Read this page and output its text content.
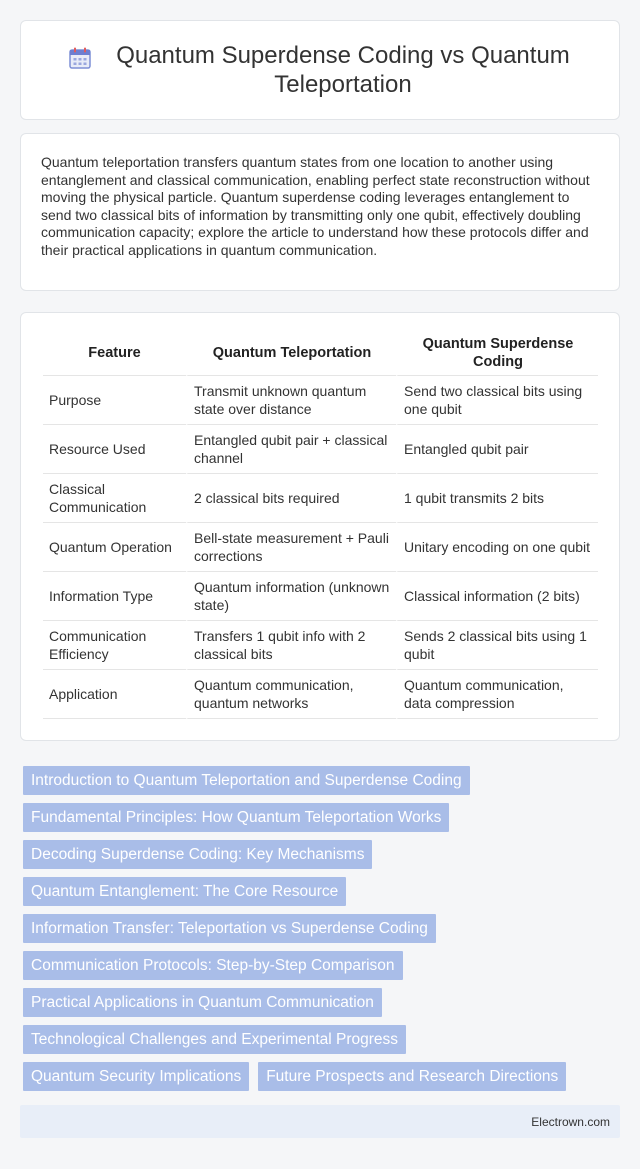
Quantum Superdense Coding vs Quantum Teleportation

Quantum teleportation transfers quantum states from one location to another using entanglement and classical communication, enabling perfect state reconstruction without moving the physical particle. Quantum superdense coding leverages entanglement to send two classical bits of information by transmitting only one qubit, effectively doubling communication capacity; explore the article to understand how these protocols differ and their practical applications in quantum communication.

Feature	Quantum Teleportation	Quantum Superdense Coding
Purpose	Transmit unknown quantum state over distance	Send two classical bits using one qubit
Resource Used	Entangled qubit pair + classical channel	Entangled qubit pair
Classical Communication	2 classical bits required	1 qubit transmits 2 bits
Quantum Operation	Bell-state measurement + Pauli corrections	Unitary encoding on one qubit
Information Type	Quantum information (unknown state)	Classical information (2 bits)
Communication Efficiency	Transfers 1 qubit info with 2 classical bits	Sends 2 classical bits using 1 qubit
Application	Quantum communication, quantum networks	Quantum communication, data compression
Introduction to Quantum Teleportation and Superdense Coding
Fundamental Principles: How Quantum Teleportation Works
Decoding Superdense Coding: Key Mechanisms
Quantum Entanglement: The Core Resource
Information Transfer: Teleportation vs Superdense Coding
Communication Protocols: Step-by-Step Comparison
Practical Applications in Quantum Communication
Technological Challenges and Experimental Progress
Quantum Security Implications	Future Prospects and Research Directions
Electrown.com
